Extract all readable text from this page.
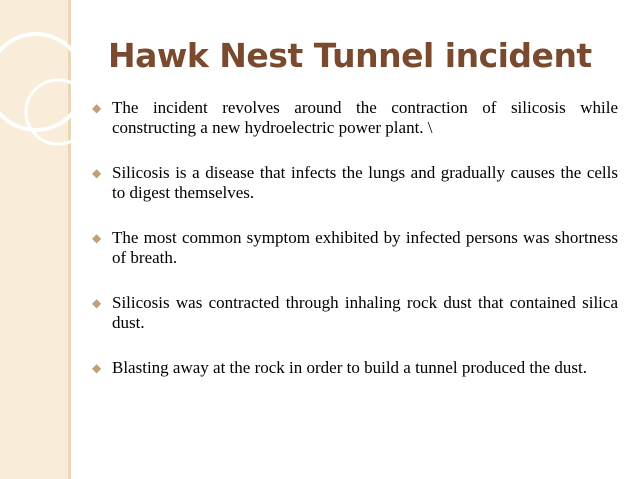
Hawk Nest Tunnel incident
◆ The incident revolves around the contraction of silicosis while constructing a new hydroelectric power plant. \
◆ Silicosis is a disease that infects the lungs and gradually causes the cells to digest themselves.
◆ The most common symptom exhibited by infected persons was shortness of breath.
◆ Silicosis was contracted through inhaling rock dust that contained silica dust.
◆ Blasting away at the rock in order to build a tunnel produced the dust.
